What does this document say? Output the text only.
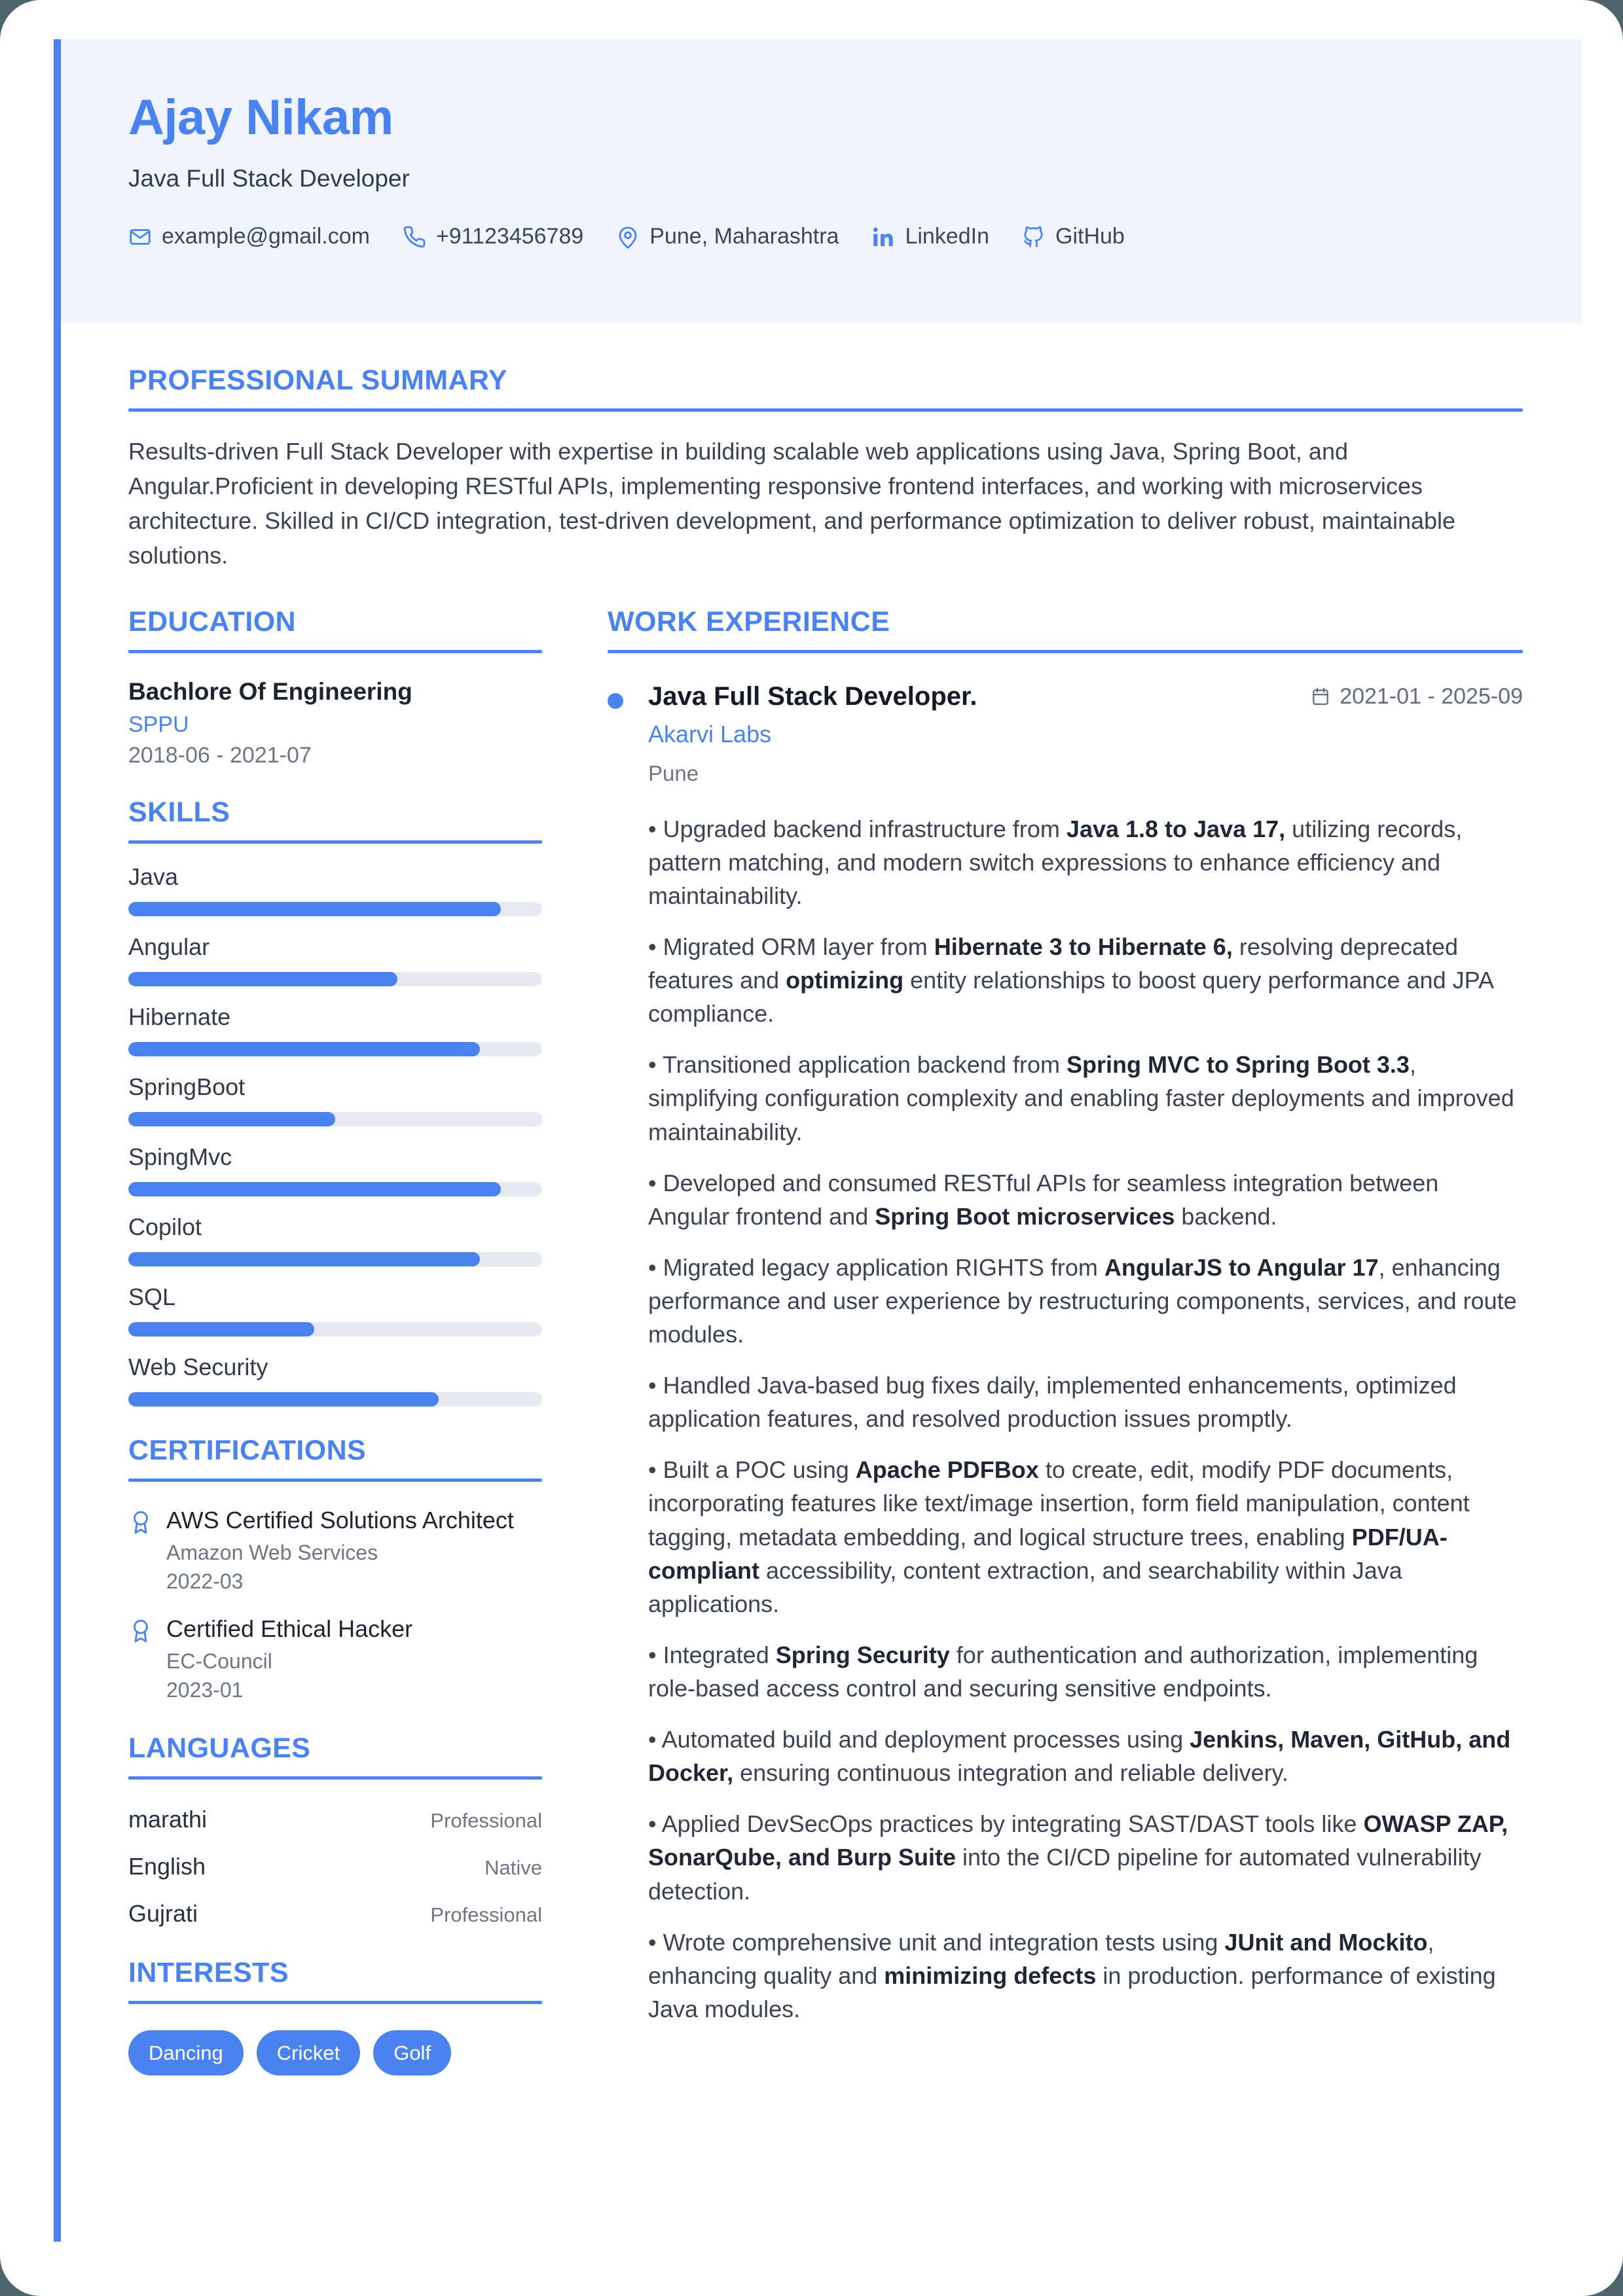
Ajay Nikam
Java Full Stack Developer
example@gmail.com	+91123456789	Pune, Maharashtra	LinkedIn	GitHub
PROFESSIONAL SUMMARY
Results-driven Full Stack Developer with expertise in building scalable web applications using Java, Spring Boot, and Angular.Proficient in developing RESTful APIs, implementing responsive frontend interfaces, and working with microservices architecture. Skilled in CI/CD integration, test-driven development, and performance optimization to deliver robust, maintainable solutions.
EDUCATION
Bachlore Of Engineering
SPPU
2018-06 - 2021-07
SKILLS
Java
Angular
Hibernate
SpringBoot
SpingMvc
Copilot
SQL
Web Security
CERTIFICATIONS
AWS Certified Solutions Architect
Amazon Web Services
2022-03
Certified Ethical Hacker
EC-Council
2023-01
LANGUAGES
marathi	Professional
English	Native
Gujrati	Professional
INTERESTS
Dancing	Cricket	Golf
WORK EXPERIENCE
Java Full Stack Developer.	2021-01 - 2025-09
Akarvi Labs
Pune
• Upgraded backend infrastructure from Java 1.8 to Java 17, utilizing records, pattern matching, and modern switch expressions to enhance efficiency and maintainability.
• Migrated ORM layer from Hibernate 3 to Hibernate 6, resolving deprecated features and optimizing entity relationships to boost query performance and JPA compliance.
• Transitioned application backend from Spring MVC to Spring Boot 3.3, simplifying configuration complexity and enabling faster deployments and improved maintainability.
• Developed and consumed RESTful APIs for seamless integration between Angular frontend and Spring Boot microservices backend.
• Migrated legacy application RIGHTS from AngularJS to Angular 17, enhancing performance and user experience by restructuring components, services, and route modules.
• Handled Java-based bug fixes daily, implemented enhancements, optimized application features, and resolved production issues promptly.
• Built a POC using Apache PDFBox to create, edit, modify PDF documents, incorporating features like text/image insertion, form field manipulation, content tagging, metadata embedding, and logical structure trees, enabling PDF/UA-compliant accessibility, content extraction, and searchability within Java applications.
• Integrated Spring Security for authentication and authorization, implementing role-based access control and securing sensitive endpoints.
• Automated build and deployment processes using Jenkins, Maven, GitHub, and Docker, ensuring continuous integration and reliable delivery.
• Applied DevSecOps practices by integrating SAST/DAST tools like OWASP ZAP, SonarQube, and Burp Suite into the CI/CD pipeline for automated vulnerability detection.
• Wrote comprehensive unit and integration tests using JUnit and Mockito, enhancing quality and minimizing defects in production. performance of existing Java modules.
